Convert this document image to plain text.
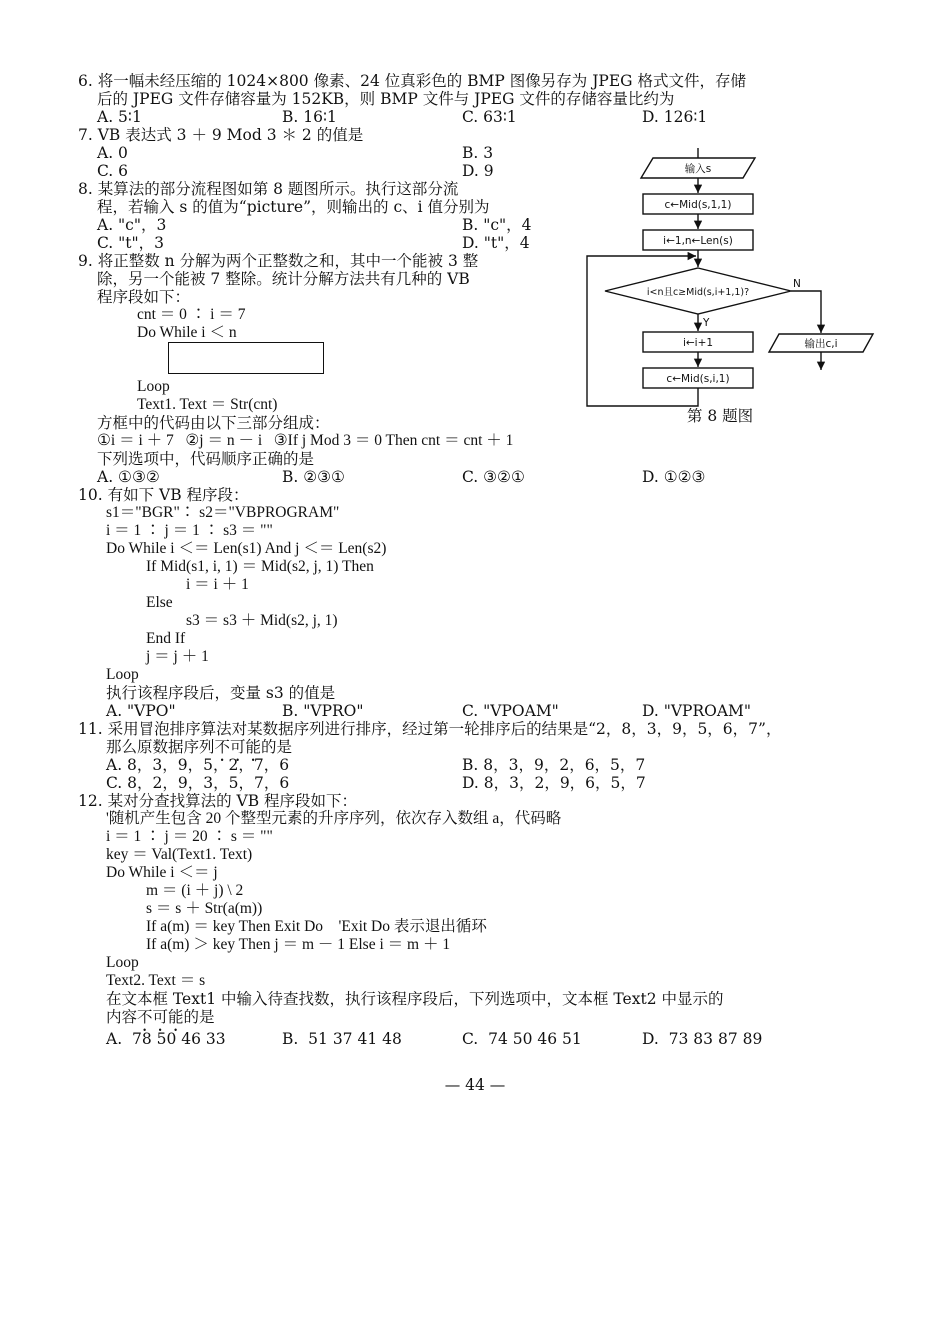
6. 将一幅未经压缩的 1024×800 像素、24 位真彩色的 BMP 图像另存为 JPEG 格式文件，存储
后的 JPEG 文件存储容量为 152KB，则 BMP 文件与 JPEG 文件的存储容量比约为
A. 5∶1	B. 16∶1	C. 63∶1	D. 126∶1
7. VB 表达式 3 ＋ 9 Mod 3 ＊ 2 的值是
A. 0	B. 3
C. 6	D. 9
8. 某算法的部分流程图如第 8 题图所示。执行这部分流
程，若输入 s 的值为“picture”，则输出的 c、i 值分别为
A. "c"，3	B. "c"，4
C. "t"，3	D. "t"，4
9. 将正整数 n 分解为两个正整数之和，其中一个能被 3 整
除，另一个能被 7 整除。统计分解方法共有几种的 VB
程序段如下：
cnt ＝ 0 ∶ i ＝ 7
Do While i ＜ n
Loop
Text1. Text ＝ Str(cnt)
方框中的代码由以下三部分组成：
①i ＝ i ＋ 7   ②j ＝ n － i   ③If j Mod 3 ＝ 0 Then cnt ＝ cnt ＋ 1
下列选项中，代码顺序正确的是
A. ①③②	B. ②③①	C. ③②①	D. ①②③
输入s
c←Mid(s,1,1)
i←1,n←Len(s)
i<n且c≥Mid(s,i+1,1)?
N
输出c,i
Y
i←i+1
c←Mid(s,i,1)
第 8 题图
10. 有如下 VB 程序段：
s1＝"BGR"∶ s2＝"VBPROGRAM"
i ＝ 1 ∶ j ＝ 1 ∶ s3 ＝ ""
Do While i ＜＝ Len(s1) And j ＜＝ Len(s2)
If Mid(s1, i, 1) ＝ Mid(s2, j, 1) Then
i ＝ i ＋ 1
Else
s3 ＝ s3 ＋ Mid(s2, j, 1)
End If
j ＝ j ＋ 1
Loop
执行该程序段后，变量 s3 的值是
A. "VPO"	B. "VPRO"	C. "VPOAM"	D. "VPROAM"
11. 采用冒泡排序算法对某数据序列进行排序，经过第一轮排序后的结果是“2，8，3，9，5，6，7”，
那么原数据序列不可能的是
A. 8，3，9，5，2，7，6	B. 8，3，9，2，6，5，7
C. 8，2，9，3，5，7，6	D. 8，3，2，9，6，5，7
12. 某对分查找算法的 VB 程序段如下：
'随机产生包含 20 个整型元素的升序序列，依次存入数组 a，代码略
i ＝ 1 ∶ j ＝ 20 ∶ s ＝ ""
key ＝ Val(Text1. Text)
Do While i ＜＝ j
m ＝ (i ＋ j) \ 2
s ＝ s ＋ Str(a(m))
If a(m) ＝ key Then Exit Do    'Exit Do 表示退出循环
If a(m) ＞ key Then j ＝ m － 1 Else i ＝ m ＋ 1
Loop
Text2. Text ＝ s
在文本框 Text1 中输入待查找数，执行该程序段后，下列选项中，文本框 Text2 中显示的
内容不可能的是
A.  78 50 46 33	B.  51 37 41 48	C.  74 50 46 51	D.  73 83 87 89
— 44 —
